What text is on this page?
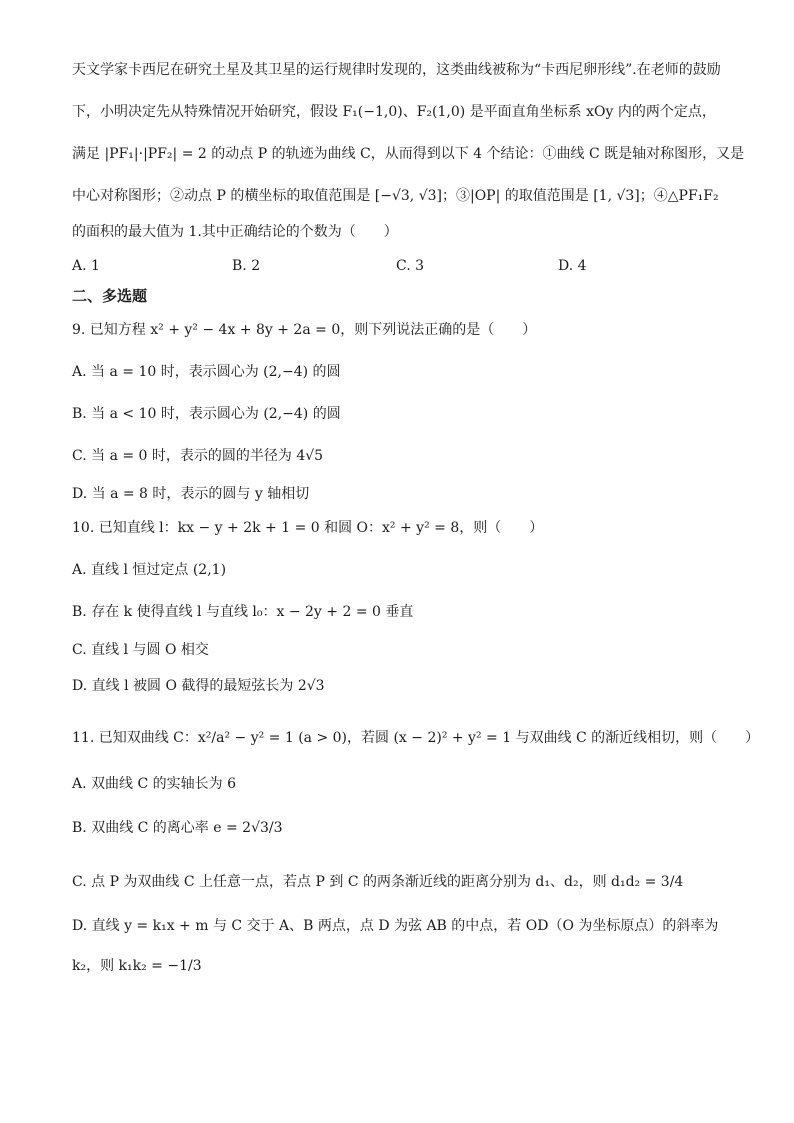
天文学家卡西尼在研究土星及其卫星的运行规律时发现的，这类曲线被称为“卡西尼卵形线”.在老师的鼓励
下，小明决定先从特殊情况开始研究，假设 F₁(−1,0)、F₂(1,0) 是平面直角坐标系 xOy 内的两个定点，
满足 |PF₁|·|PF₂| = 2 的动点 P 的轨迹为曲线 C，从而得到以下 4 个结论：①曲线 C 既是轴对称图形，又是
中心对称图形；②动点 P 的横坐标的取值范围是 [−√3, √3]；③|OP| 的取值范围是 [1, √3]；④△PF₁F₂
的面积的最大值为 1.其中正确结论的个数为（　　）
A. 1	B. 2	C. 3	D. 4
二、多选题
9. 已知方程 x² + y² − 4x + 8y + 2a = 0，则下列说法正确的是（　　）
A. 当 a = 10 时，表示圆心为 (2,−4) 的圆
B. 当 a < 10 时，表示圆心为 (2,−4) 的圆
C. 当 a = 0 时，表示的圆的半径为 4√5
D. 当 a = 8 时，表示的圆与 y 轴相切
10. 已知直线 l：kx − y + 2k + 1 = 0 和圆 O：x² + y² = 8，则（　　）
A. 直线 l 恒过定点 (2,1)
B. 存在 k 使得直线 l 与直线 l₀：x − 2y + 2 = 0 垂直
C. 直线 l 与圆 O 相交
D. 直线 l 被圆 O 截得的最短弦长为 2√3
11. 已知双曲线 C：x²/a² − y² = 1 (a > 0)，若圆 (x − 2)² + y² = 1 与双曲线 C 的渐近线相切，则（　　）
A. 双曲线 C 的实轴长为 6
B. 双曲线 C 的离心率 e = 2√3/3
C. 点 P 为双曲线 C 上任意一点，若点 P 到 C 的两条渐近线的距离分别为 d₁、d₂，则 d₁d₂ = 3/4
D. 直线 y = k₁x + m 与 C 交于 A、B 两点，点 D 为弦 AB 的中点，若 OD（O 为坐标原点）的斜率为
k₂，则 k₁k₂ = −1/3
